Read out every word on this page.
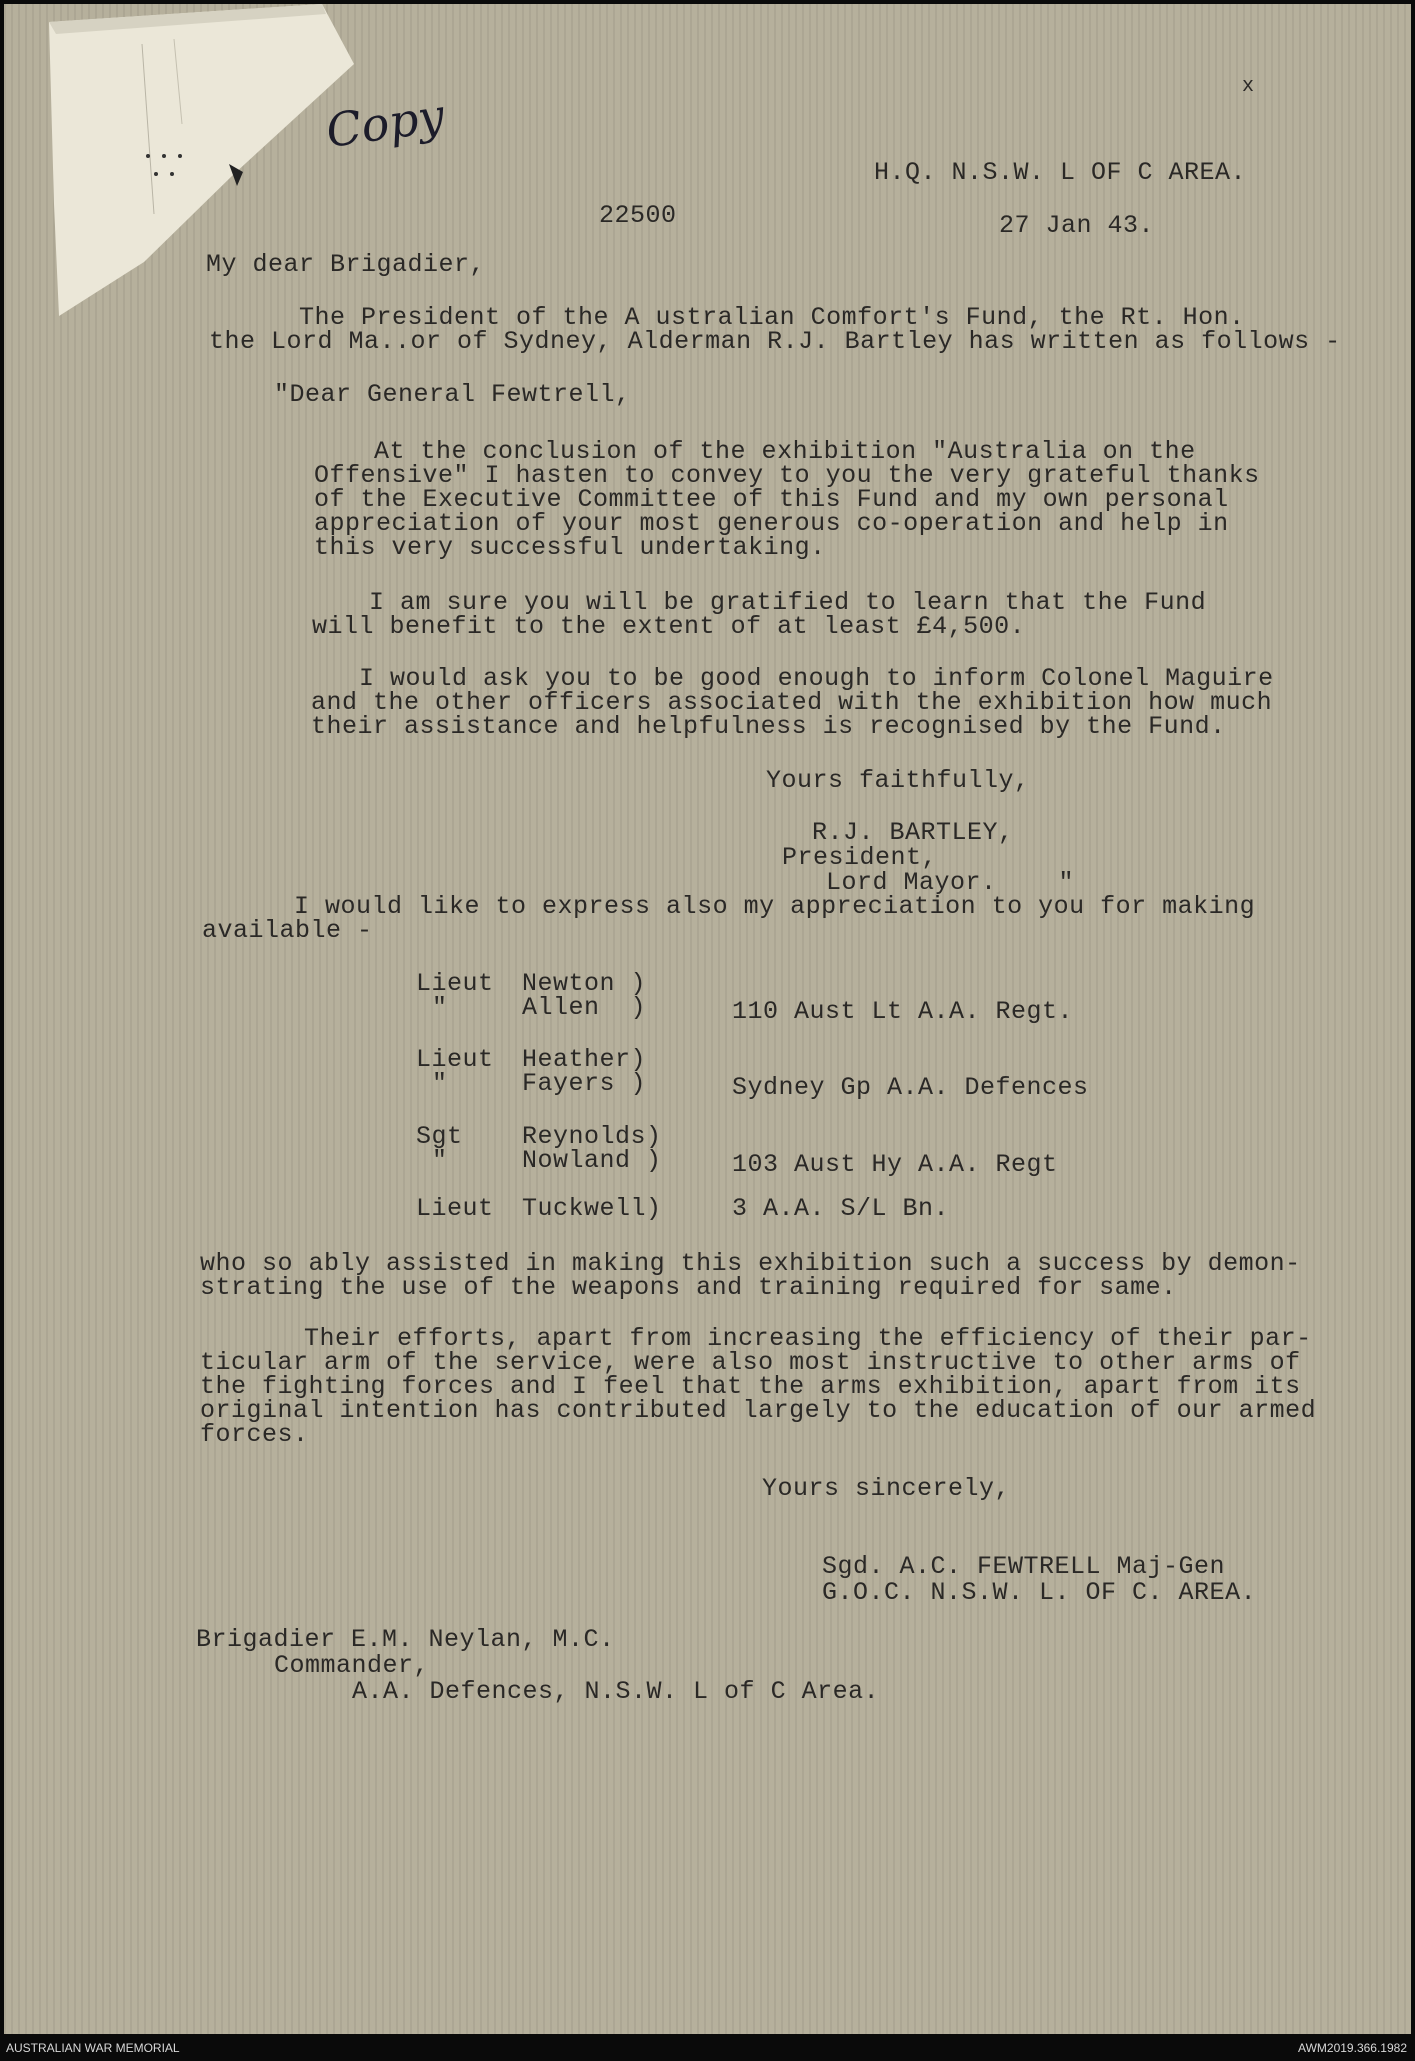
Copy
x
H.Q. N.S.W. L OF C AREA.
22500	27 Jan 43.
My dear Brigadier,
The President of the A ustralian Comfort's Fund, the Rt. Hon.
the Lord Ma..or of Sydney, Alderman R.J. Bartley has written as follows -
"Dear General Fewtrell,
At the conclusion of the exhibition "Australia on the
Offensive" I hasten to convey to you the very grateful thanks
of the Executive Committee of this Fund and my own personal
appreciation of your most generous co-operation and help in
this very successful undertaking.
I am sure you will be gratified to learn that the Fund
will benefit to the extent of at least £4,500.
I would ask you to be good enough to inform Colonel Maguire
and the other officers associated with the exhibition how much
their assistance and helpfulness is recognised by the Fund.
Yours faithfully,
R.J. BARTLEY,
President,
Lord Mayor.    "
I would like to express also my appreciation to you for making
available -
Lieut Newton )
"	Allen  )	110 Aust Lt A.A. Regt.
Lieut Heather)
"	Fayers )	Sydney Gp A.A. Defences
Sgt Reynolds)
"	Nowland )	103 Aust Hy A.A. Regt
Lieut Tuckwell)	3 A.A. S/L Bn.
who so ably assisted in making this exhibition such a success by demon-
strating the use of the weapons and training required for same.
Their efforts, apart from increasing the efficiency of their par-
ticular arm of the service, were also most instructive to other arms of
the fighting forces and I feel that the arms exhibition, apart from its
original intention has contributed largely to the education of our armed
forces.
Yours sincerely,
Sgd. A.C. FEWTRELL Maj-Gen
G.O.C. N.S.W. L. OF C. AREA.
Brigadier E.M. Neylan, M.C.
Commander,
A.A. Defences, N.S.W. L of C Area.
AUSTRALIAN WAR MEMORIAL	AWM2019.366.1982
